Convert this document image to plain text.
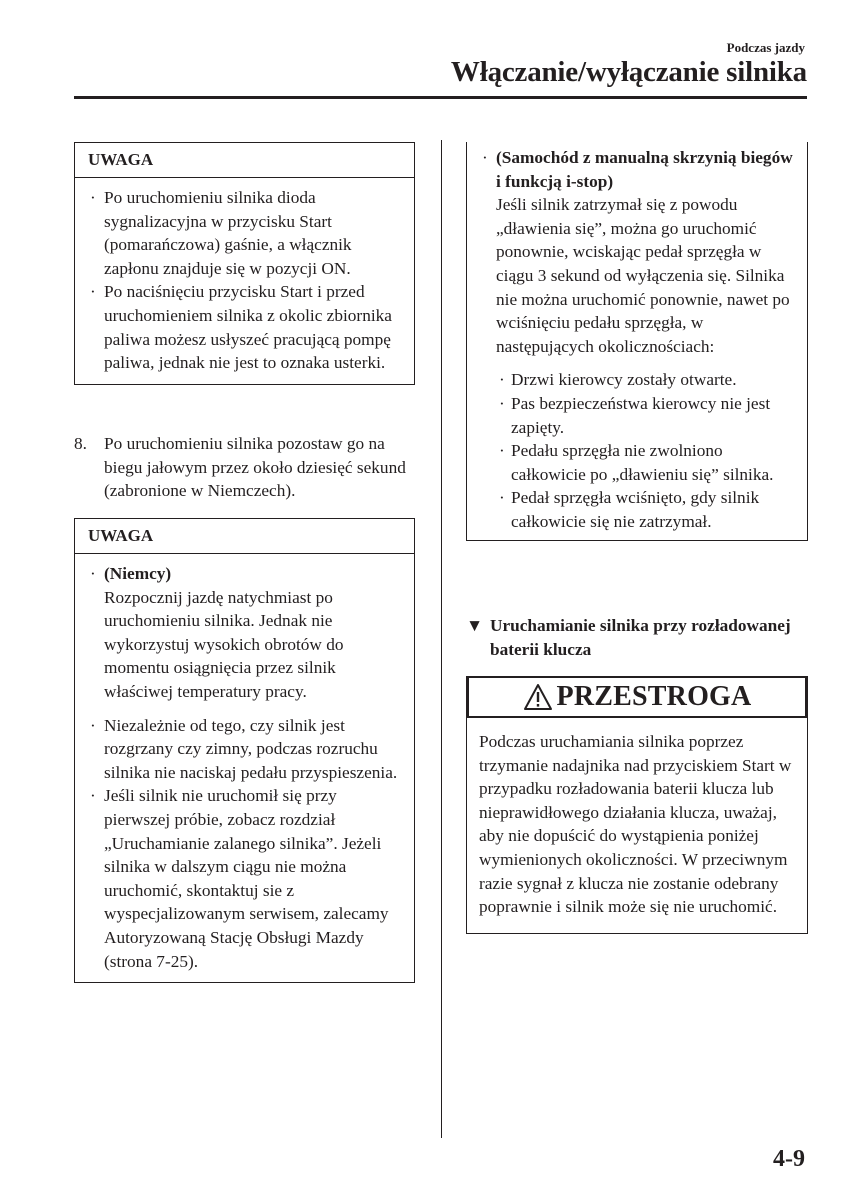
Podczas jazdy
Włączanie/wyłączanie silnika
UWAGA
· Po uruchomieniu silnika dioda sygnalizacyjna w przycisku Start (pomarańczowa) gaśnie, a włącznik zapłonu znajduje się w pozycji ON.
· Po naciśnięciu przycisku Start i przed uruchomieniem silnika z okolic zbiornika paliwa możesz usłyszeć pracującą pompę paliwa, jednak nie jest to oznaka usterki.
8. Po uruchomieniu silnika pozostaw go na biegu jałowym przez około dziesięć sekund (zabronione w Niemczech).
UWAGA
· (Niemcy)
Rozpocznij jazdę natychmiast po uruchomieniu silnika. Jednak nie wykorzystuj wysokich obrotów do momentu osiągnięcia przez silnik właściwej temperatury pracy.
· Niezależnie od tego, czy silnik jest rozgrzany czy zimny, podczas rozruchu silnika nie naciskaj pedału przyspieszenia.
· Jeśli silnik nie uruchomił się przy pierwszej próbie, zobacz rozdział „Uruchamianie zalanego silnika”. Jeżeli silnika w dalszym ciągu nie można uruchomić, skontaktuj sie z wyspecjalizowanym serwisem, zalecamy Autoryzowaną Stację Obsługi Mazdy (strona 7-25).
· (Samochód z manualną skrzynią biegów i funkcją i-stop)
Jeśli silnik zatrzymał się z powodu „dławienia się”, można go uruchomić ponownie, wciskając pedał sprzęgła w ciągu 3 sekund od wyłączenia się. Silnika nie można uruchomić ponownie, nawet po wciśnięciu pedału sprzęgła, w następujących okolicznościach:
· Drzwi kierowcy zostały otwarte.
· Pas bezpieczeństwa kierowcy nie jest zapięty.
· Pedału sprzęgła nie zwolniono całkowicie po „dławieniu się” silnika.
· Pedał sprzęgła wciśnięto, gdy silnik całkowicie się nie zatrzymał.
▼ Uruchamianie silnika przy rozładowanej baterii klucza
PRZESTROGA
Podczas uruchamiania silnika poprzez trzymanie nadajnika nad przyciskiem Start w przypadku rozładowania baterii klucza lub nieprawidłowego działania klucza, uważaj, aby nie dopuścić do wystąpienia poniżej wymienionych okoliczności. W przeciwnym razie sygnał z klucza nie zostanie odebrany poprawnie i silnik może się nie uruchomić.
4-9
